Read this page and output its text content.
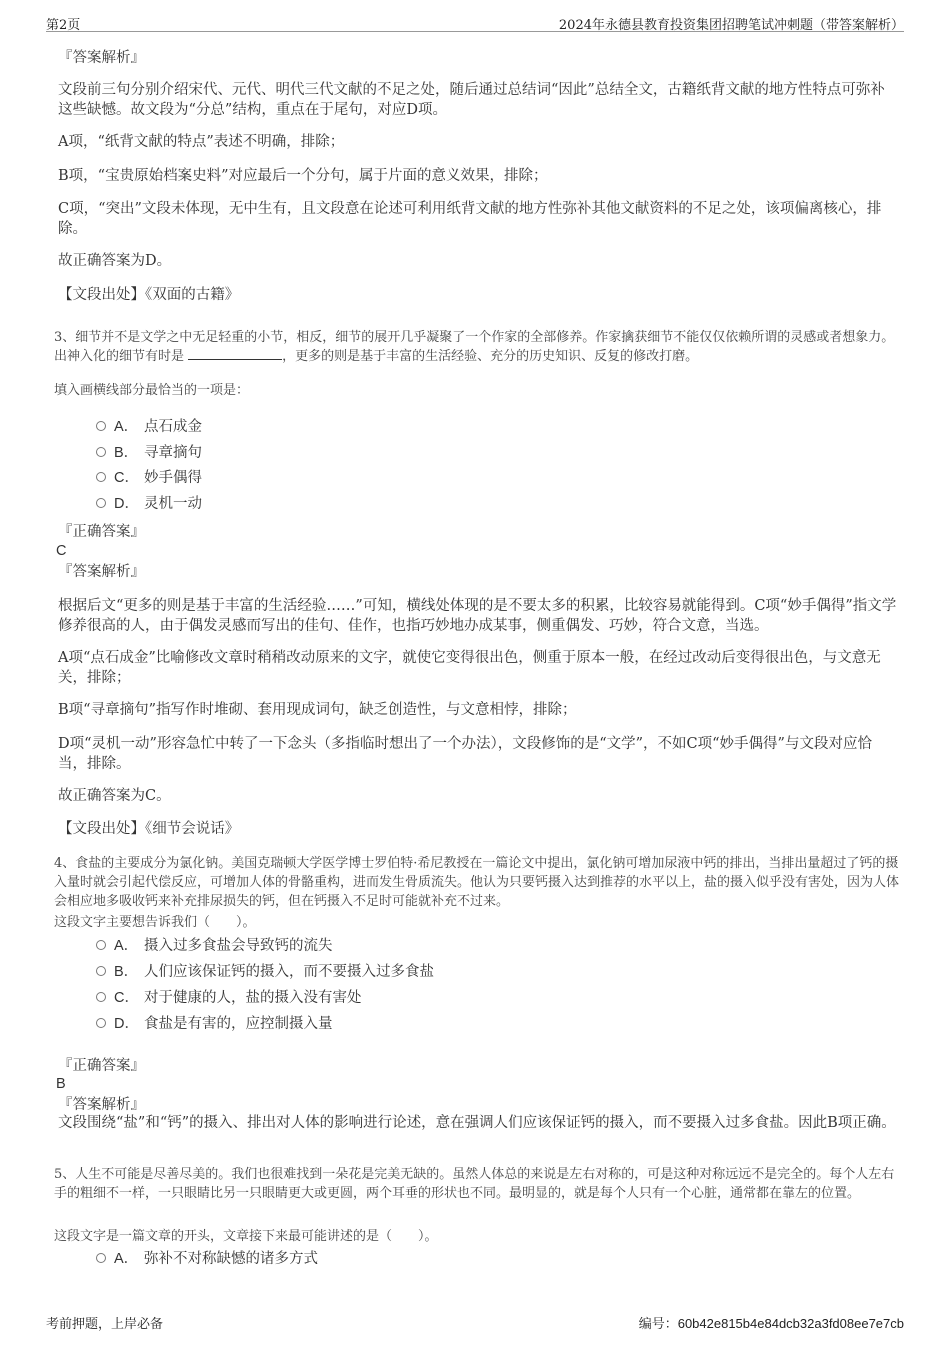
第2页	2024年永德县教育投资集团招聘笔试冲刺题（带答案解析）
『答案解析』
文段前三句分别介绍宋代、元代、明代三代文献的不足之处，随后通过总结词“因此”总结全文，古籍纸背文献的地方性特点可弥补这些缺憾。故文段为“分总”结构，重点在于尾句，对应D项。
A项，“纸背文献的特点”表述不明确，排除；
B项，“宝贵原始档案史料”对应最后一个分句，属于片面的意义效果，排除；
C项，“突出”文段未体现，无中生有，且文段意在论述可利用纸背文献的地方性弥补其他文献资料的不足之处，该项偏离核心，排除。
故正确答案为D。
【文段出处】《双面的古籍》
3、细节并不是文学之中无足轻重的小节，相反，细节的展开几乎凝聚了一个作家的全部修养。作家擒获细节不能仅仅依赖所谓的灵感或者想象力。出神入化的细节有时是	，更多的则是基于丰富的生活经验、充分的历史知识、反复的修改打磨。
填入画横线部分最恰当的一项是：
A． 点石成金
B． 寻章摘句
C． 妙手偶得
D． 灵机一动
『正确答案』
C
『答案解析』
根据后文“更多的则是基于丰富的生活经验……”可知，横线处体现的是不要太多的积累，比较容易就能得到。C项“妙手偶得”指文学修养很高的人，由于偶发灵感而写出的佳句、佳作，也指巧妙地办成某事，侧重偶发、巧妙，符合文意，当选。
A项“点石成金”比喻修改文章时稍稍改动原来的文字，就使它变得很出色，侧重于原本一般，在经过改动后变得很出色，与文意无关，排除；
B项“寻章摘句”指写作时堆砌、套用现成词句，缺乏创造性，与文意相悖，排除；
D项“灵机一动”形容急忙中转了一下念头（多指临时想出了一个办法），文段修饰的是“文学”，不如C项“妙手偶得”与文段对应恰当，排除。
故正确答案为C。
【文段出处】《细节会说话》
4、食盐的主要成分为氯化钠。美国克瑞顿大学医学博士罗伯特·希尼教授在一篇论文中提出，氯化钠可增加尿液中钙的排出，当排出量超过了钙的摄入量时就会引起代偿反应，可增加人体的骨骼重构，进而发生骨质流失。他认为只要钙摄入达到推荐的水平以上，盐的摄入似乎没有害处，因为人体会相应地多吸收钙来补充排尿损失的钙，但在钙摄入不足时可能就补充不过来。
这段文字主要想告诉我们（　　）。
A． 摄入过多食盐会导致钙的流失
B． 人们应该保证钙的摄入，而不要摄入过多食盐
C． 对于健康的人，盐的摄入没有害处
D． 食盐是有害的，应控制摄入量
『正确答案』
B
『答案解析』
文段围绕“盐”和“钙”的摄入、排出对人体的影响进行论述，意在强调人们应该保证钙的摄入，而不要摄入过多食盐。因此B项正确。
5、人生不可能是尽善尽美的。我们也很难找到一朵花是完美无缺的。虽然人体总的来说是左右对称的，可是这种对称远远不是完全的。每个人左右手的粗细不一样，一只眼睛比另一只眼睛更大或更圆，两个耳垂的形状也不同。最明显的，就是每个人只有一个心脏，通常都在靠左的位置。
这段文字是一篇文章的开头，文章接下来最可能讲述的是（　　）。
A． 弥补不对称缺憾的诸多方式
考前押题，上岸必备	编号：60b42e815b4e84dcb32a3fd08ee7e7cb
